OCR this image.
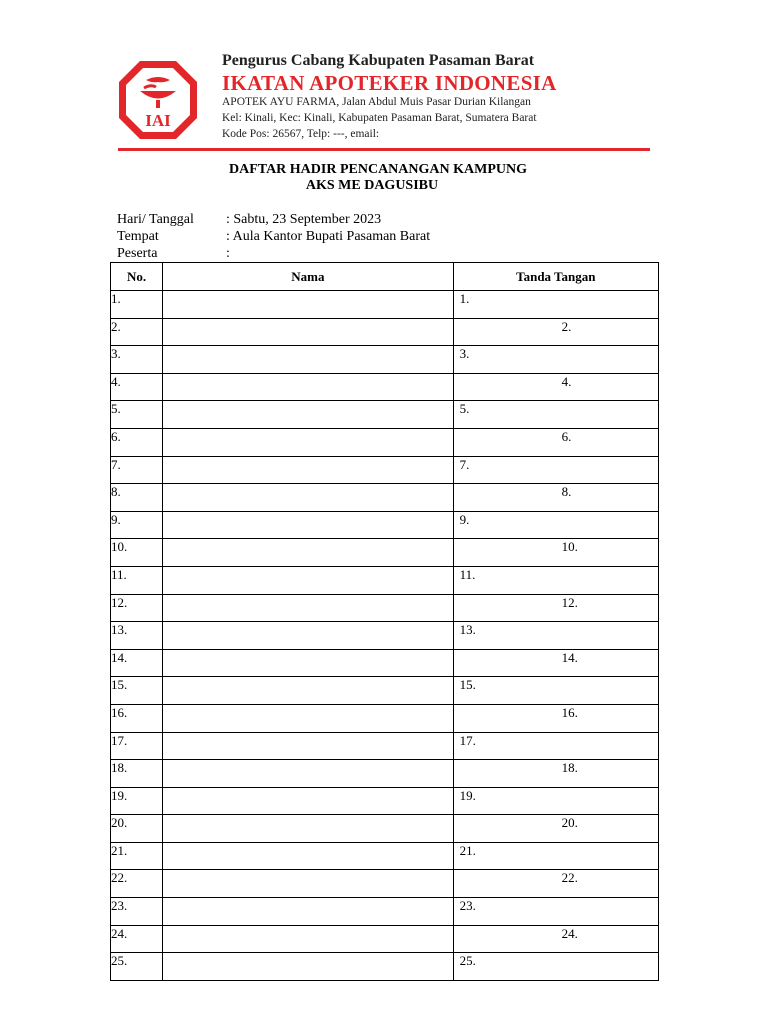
IAI
Pengurus Cabang Kabupaten Pasaman Barat
IKATAN APOTEKER INDONESIA
APOTEK AYU FARMA, Jalan Abdul Muis Pasar Durian Kilangan
Kel: Kinali, Kec: Kinali, Kabupaten Pasaman Barat, Sumatera Barat
Kode Pos: 26567, Telp: ---, email:
DAFTAR HADIR PENCANANGAN KAMPUNG
AKS ME DAGUSIBU
Hari/ Tanggal : Sabtu, 23 September 2023
Tempat	: Aula Kantor Bupati Pasaman Barat
Peserta	:
No.	Nama	Tanda Tangan
1.		1.
2.		2.
3.		3.
4.		4.
5.		5.
6.		6.
7.		7.
8.		8.
9.		9.
10.		10.
11.		11.
12.		12.
13.		13.
14.		14.
15.		15.
16.		16.
17.		17.
18.		18.
19.		19.
20.		20.
21.		21.
22.		22.
23.		23.
24.		24.
25.		25.
